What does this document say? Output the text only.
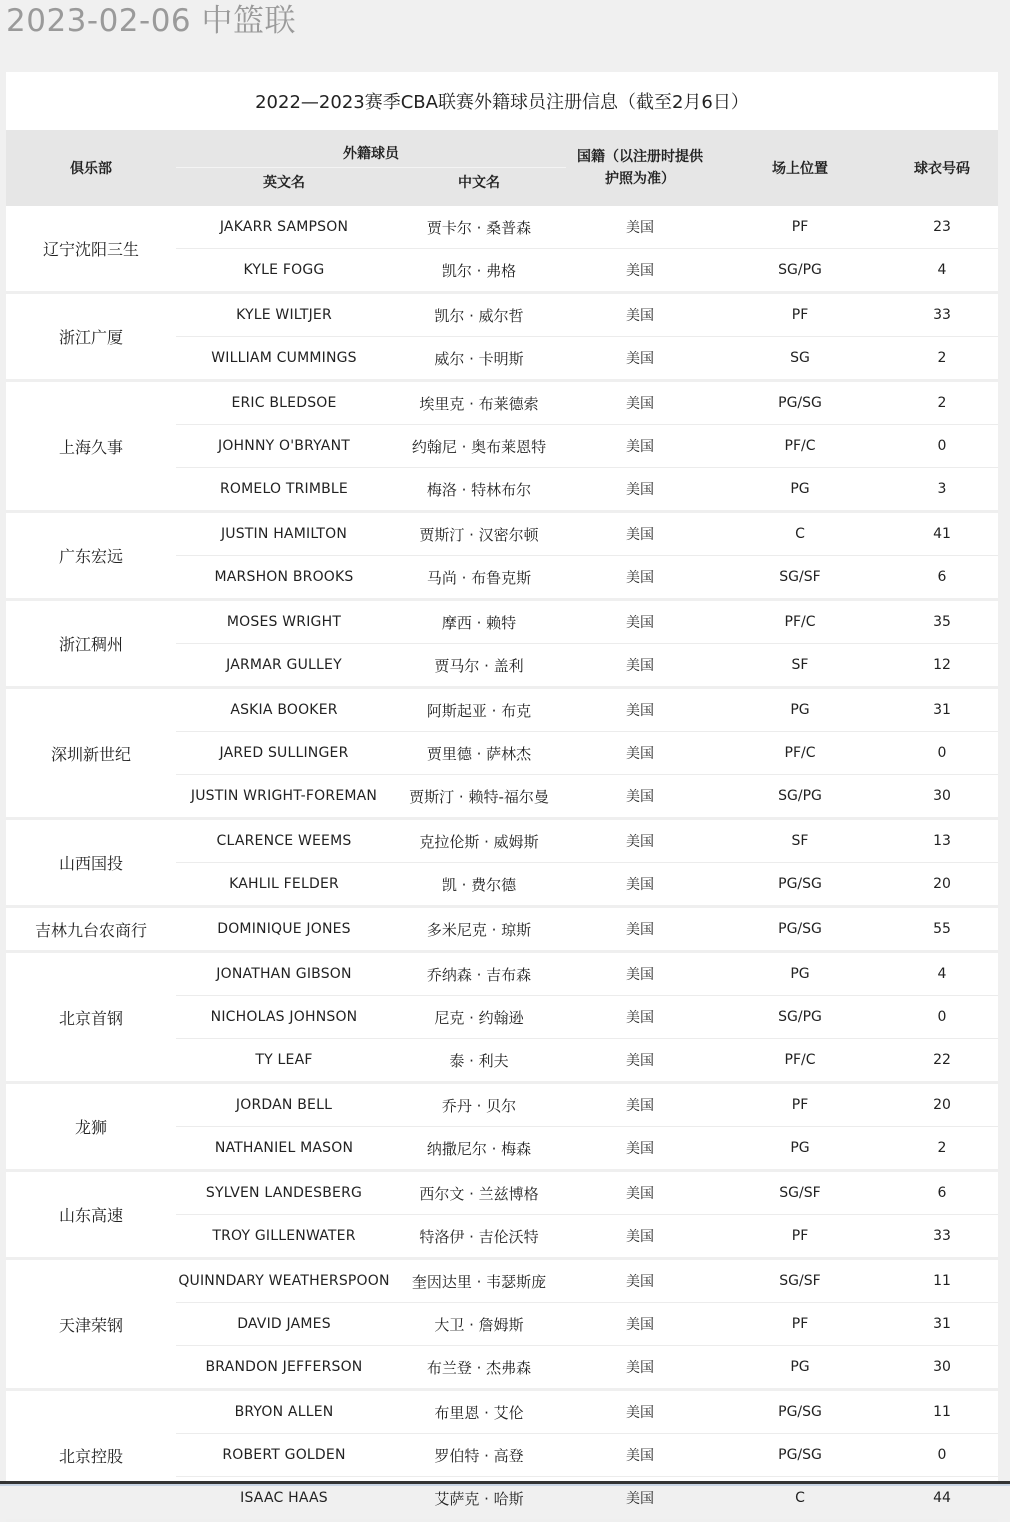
2023-02-06 中篮联
2022—2023赛季CBA联赛外籍球员注册信息（截至2月6日）
俱乐部	外籍球员		国籍（以注册时提供
护照为准）	场上位置	球衣号码
	英文名	中文名			
辽宁沈阳三生	JAKARR SAMPSON	贾卡尔 · 桑普森	美国	PF	23
	KYLE FOGG	凯尔 · 弗格	美国	SG/PG	4
浙江广厦	KYLE WILTJER	凯尔 · 威尔哲	美国	PF	33
	WILLIAM CUMMINGS	威尔 · 卡明斯	美国	SG	2
上海久事	ERIC BLEDSOE	埃里克 · 布莱德索	美国	PG/SG	2
	JOHNNY O'BRYANT	约翰尼 · 奥布莱恩特	美国	PF/C	0
	ROMELO TRIMBLE	梅洛 · 特林布尔	美国	PG	3
广东宏远	JUSTIN HAMILTON	贾斯汀 · 汉密尔顿	美国	C	41
	MARSHON BROOKS	马尚 · 布鲁克斯	美国	SG/SF	6
浙江稠州	MOSES WRIGHT	摩西 · 赖特	美国	PF/C	35
	JARMAR GULLEY	贾马尔 · 盖利	美国	SF	12
深圳新世纪	ASKIA BOOKER	阿斯起亚 · 布克	美国	PG	31
	JARED SULLINGER	贾里德 · 萨林杰	美国	PF/C	0
	JUSTIN WRIGHT-FOREMAN	贾斯汀 · 赖特-福尔曼	美国	SG/PG	30
山西国投	CLARENCE WEEMS	克拉伦斯 · 威姆斯	美国	SF	13
	KAHLIL FELDER	凯 · 费尔德	美国	PG/SG	20
吉林九台农商行	DOMINIQUE JONES	多米尼克 · 琼斯	美国	PG/SG	55
北京首钢	JONATHAN GIBSON	乔纳森 · 吉布森	美国	PG	4
	NICHOLAS JOHNSON	尼克 · 约翰逊	美国	SG/PG	0
	TY LEAF	泰 · 利夫	美国	PF/C	22
龙狮	JORDAN BELL	乔丹 · 贝尔	美国	PF	20
	NATHANIEL MASON	纳撒尼尔 · 梅森	美国	PG	2
山东高速	SYLVEN LANDESBERG	西尔文 · 兰兹博格	美国	SG/SF	6
	TROY GILLENWATER	特洛伊 · 吉伦沃特	美国	PF	33
天津荣钢	QUINNDARY WEATHERSPOON	奎因达里 · 韦瑟斯庞	美国	SG/SF	11
	DAVID JAMES	大卫 · 詹姆斯	美国	PF	31
	BRANDON JEFFERSON	布兰登 · 杰弗森	美国	PG	30
北京控股	BRYON ALLEN	布里恩 · 艾伦	美国	PG/SG	11
	ROBERT GOLDEN	罗伯特 · 高登	美国	PG/SG	0
	ISAAC HAAS	艾萨克 · 哈斯	美国	C	44
